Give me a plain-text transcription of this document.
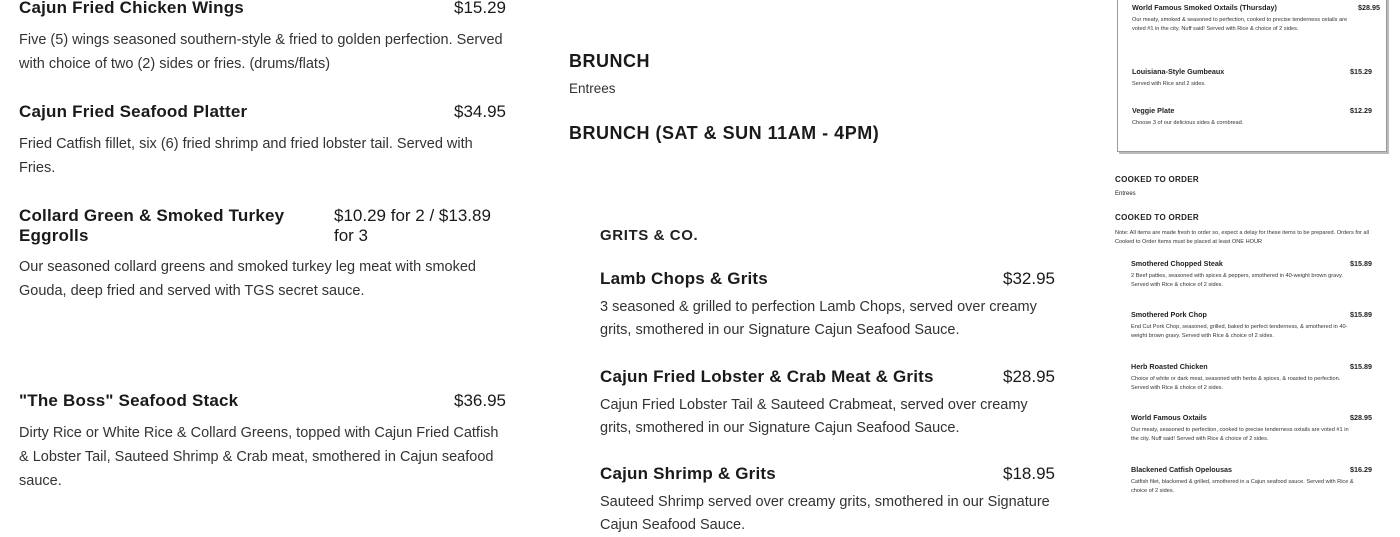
Cajun Fried Chicken Wings	$15.29
Five (5) wings seasoned southern-style & fried to golden perfection. Served with choice of two (2) sides or fries. (drums/flats)
Cajun Fried Seafood Platter	$34.95
Fried Catfish fillet, six (6) fried shrimp and fried lobster tail. Served with Fries.
Collard Green & Smoked Turkey Eggrolls
$10.29 for 2 / $13.89 for 3
Our seasoned collard greens and smoked turkey leg meat with smoked Gouda, deep fried and served with TGS secret sauce.
"The Boss" Seafood Stack	$36.95
Dirty Rice or White Rice & Collard Greens, topped with Cajun Fried Catfish & Lobster Tail, Sauteed Shrimp & Crab meat, smothered in Cajun seafood sauce.
BRUNCH
Entrees
BRUNCH (SAT & SUN 11AM - 4PM)
GRITS & CO.
Lamb Chops & Grits	$32.95
3 seasoned & grilled to perfection Lamb Chops, served over creamy grits, smothered in our Signature Cajun Seafood Sauce.
Cajun Fried Lobster & Crab Meat & Grits	$28.95
Cajun Fried Lobster Tail & Sauteed Crabmeat, served over creamy grits, smothered in our Signature Cajun Seafood Sauce.
Cajun Shrimp & Grits	$18.95
Sauteed Shrimp served over creamy grits, smothered in our Signature Cajun Seafood Sauce.
World Famous Smoked Oxtails (Thursday)	$28.95
Our meaty, smoked & seasoned to perfection, cooked to precise tenderness oxtails are voted #1 in the city. Nuff said! Served with Rice & choice of 2 sides.
Louisiana-Style Gumbeaux	$15.29
Served with Rice and 2 sides.
Veggie Plate	$12.29
Choose 3 of our delicious sides & cornbread.
COOKED TO ORDER
Entrees
COOKED TO ORDER
Note: All items are made fresh to order so, expect a delay for these items to be prepared. Orders for all Cooked to Order items must be placed at least ONE HOUR
Smothered Chopped Steak	$15.89
2 Beef patties, seasoned with spices & peppers, smothered in 40-weight brown gravy. Served with Rice & choice of 2 sides.
Smothered Pork Chop	$15.89
End Cut Pork Chop, seasoned, grilled, baked to perfect tenderness, & smothered in 40-weight brown gravy. Served with Rice & choice of 2 sides.
Herb Roasted Chicken	$15.89
Choice of white or dark meat, seasoned with herbs & spices, & roasted to perfection. Served with Rice & choice of 2 sides.
World Famous Oxtails	$28.95
Our meaty, seasoned to perfection, cooked to precise tenderness oxtails are voted #1 in the city. Nuff said! Served with Rice & choice of 2 sides.
Blackened Catfish Opelousas	$16.29
Catfish filet, blackened & grilled, smothered in a Cajun seafood sauce. Served with Rice & choice of 2 sides.
